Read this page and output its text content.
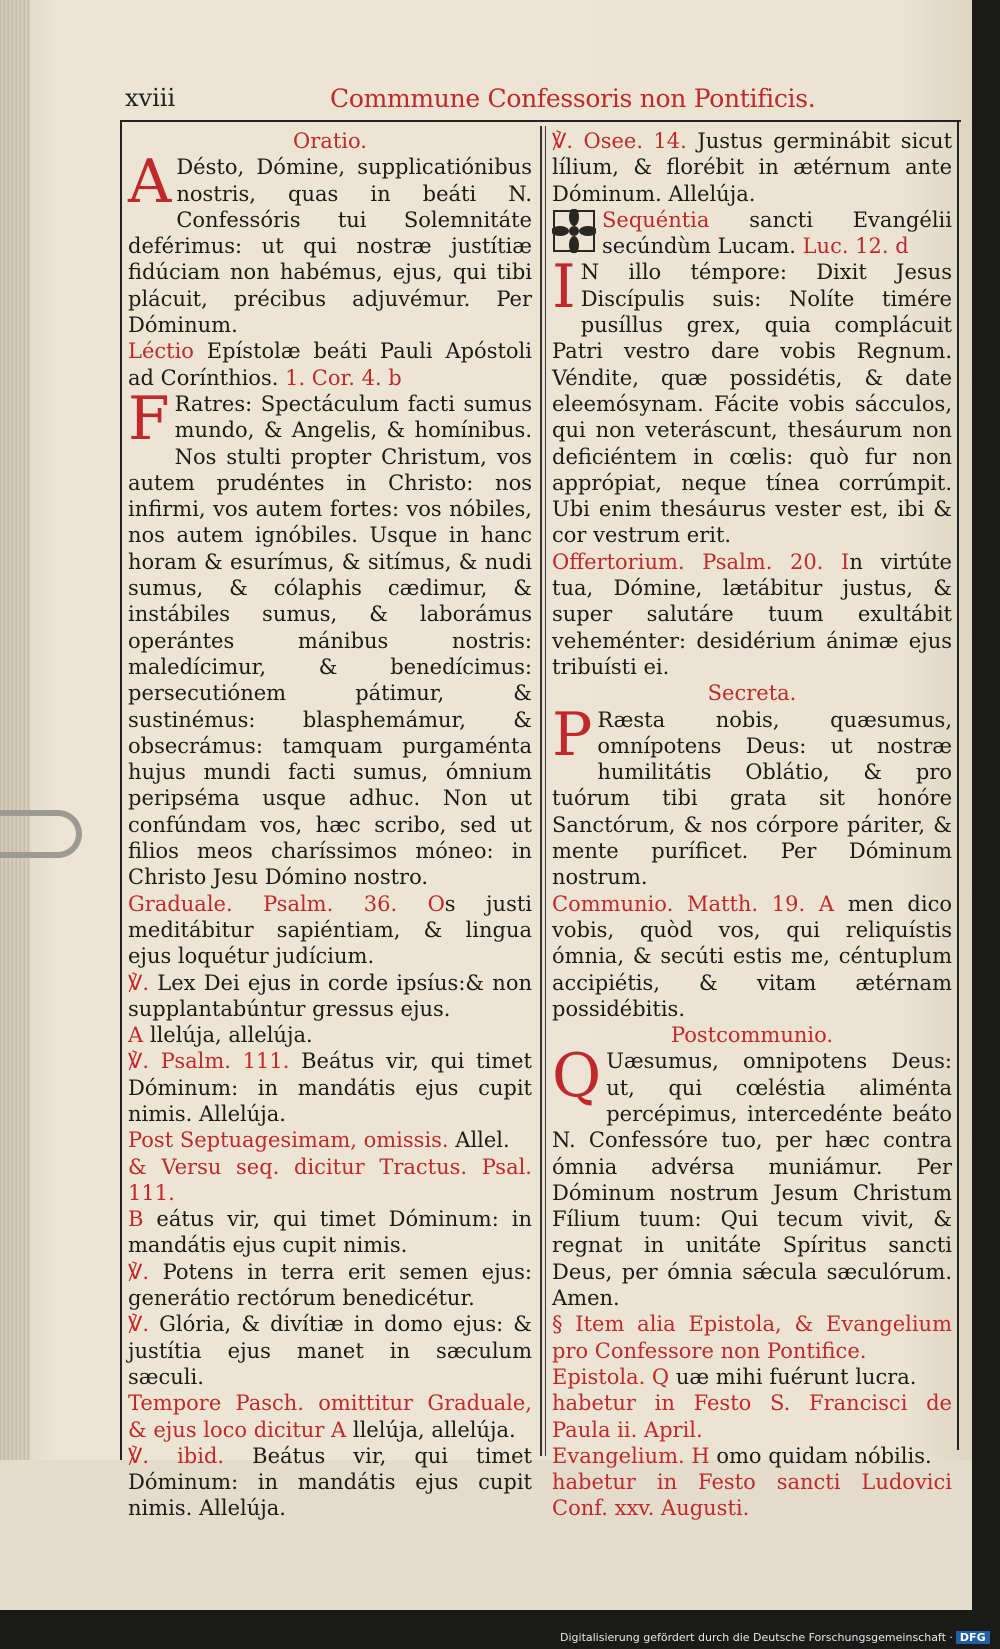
xviii	Commmune Confessoris non Pontificis.

Oratio.

A Désto, Dómine, supplicatiónibus nostris, quas in beáti N. Confessóris tui Solemnitáte deférimus: ut qui nostræ justítiæ fidúciam non habémus, ejus, qui tibi plácuit, précibus adjuvémur. Per Dóminum.

Léctio Epístolæ beáti Pauli Apóstoli ad Corínthios. 1. Cor. 4. b

F Ratres: Spectáculum facti sumus mundo, & Angelis, & homínibus. Nos stulti propter Christum, vos autem prudéntes in Christo: nos infirmi, vos autem fortes: vos nóbiles, nos autem ignóbiles. Usque in hanc horam & esurímus, & sitímus, & nudi sumus, & cólaphis cædimur, & instábiles sumus, & laborámus operántes mánibus nostris: maledícimur, & benedícimus: persecutiónem pátimur, & sustinémus: blasphemámur, & obsecrámus: tamquam purgaménta hujus mundi facti sumus, ómnium peripséma usque adhuc. Non ut confúndam vos, hæc scribo, sed ut filios meos charíssimos móneo: in Christo Jesu Dómino nostro.

Graduale. Psalm. 36. Os justi meditábitur sapiéntiam, & lingua ejus loquétur judícium.

℣. Lex Dei ejus in corde ipsíus:& non supplantabúntur gressus ejus.

A llelúja, allelúja.

℣. Psalm. 111. Beátus vir, qui timet Dóminum: in mandátis ejus cupit nimis. Allelúja.

Post Septuagesimam, omissis. Allel.

& Versu seq. dicitur Tractus. Psal. 111.

B eátus vir, qui timet Dóminum: in mandátis ejus cupit nimis.

℣. Potens in terra erit semen ejus: generátio rectórum benedicétur.

℣. Glória, & divítiæ in domo ejus: & justítia ejus manet in sæculum sæculi.

Tempore Pasch. omittitur Graduale, & ejus loco dicitur A llelúja, allelúja.

℣. ibid. Beátus vir, qui timet Dóminum: in mandátis ejus cupit nimis. Allelúja.

℣. Osee. 14. Justus germinábit sicut lílium, & florébit in ætérnum ante Dóminum. Allelúja.

Sequéntia sancti Evangélii secúndùm Lucam. Luc. 12. d

I N illo témpore: Dixit Jesus Discípulis suis: Nolíte timére pusíllus grex, quia complácuit Patri vestro dare vobis Regnum. Véndite, quæ possidétis, & date eleemósynam. Fácite vobis sácculos, qui non veteráscunt, thesáurum non deficiéntem in cœlis: quò fur non apprópiat, neque tínea corrúmpit. Ubi enim thesáurus vester est, ibi & cor vestrum erit.

Offertorium. Psalm. 20. In virtúte tua, Dómine, lætábitur justus, & super salutáre tuum exultábit veheménter: desidérium ánimæ ejus tribuísti ei.

Secreta.

P Ræsta nobis, quæsumus, omnípotens Deus: ut nostræ humilitátis Oblátio, & pro tuórum tibi grata sit honóre Sanctórum, & nos córpore páriter, & mente puríficet. Per Dóminum nostrum.

Communio. Matth. 19. A men dico vobis, quòd vos, qui reliquístis ómnia, & secúti estis me, céntuplum accipiétis, & vitam ætérnam possidébitis.

Postcommunio.

Q Uæsumus, omnipotens Deus: ut, qui cœléstia aliménta percépimus, intercedénte beáto N. Confessóre tuo, per hæc contra ómnia advérsa muniámur. Per Dóminum nostrum Jesum Christum Fílium tuum: Qui tecum vivit, & regnat in unitáte Spíritus sancti Deus, per ómnia sǽcula sæculórum. Amen.

§ Item alia Epistola, & Evangelium pro Confessore non Pontifice.

Epistola. Q uæ mihi fuérunt lucra.

habetur in Festo S. Francisci de Paula ii. April.

Evangelium. H omo quidam nóbilis.

habetur in Festo sancti Ludovici Conf. xxv. Augusti.

Digitalisierung gefördert durch die Deutsche Forschungsgemeinschaft · DFG
